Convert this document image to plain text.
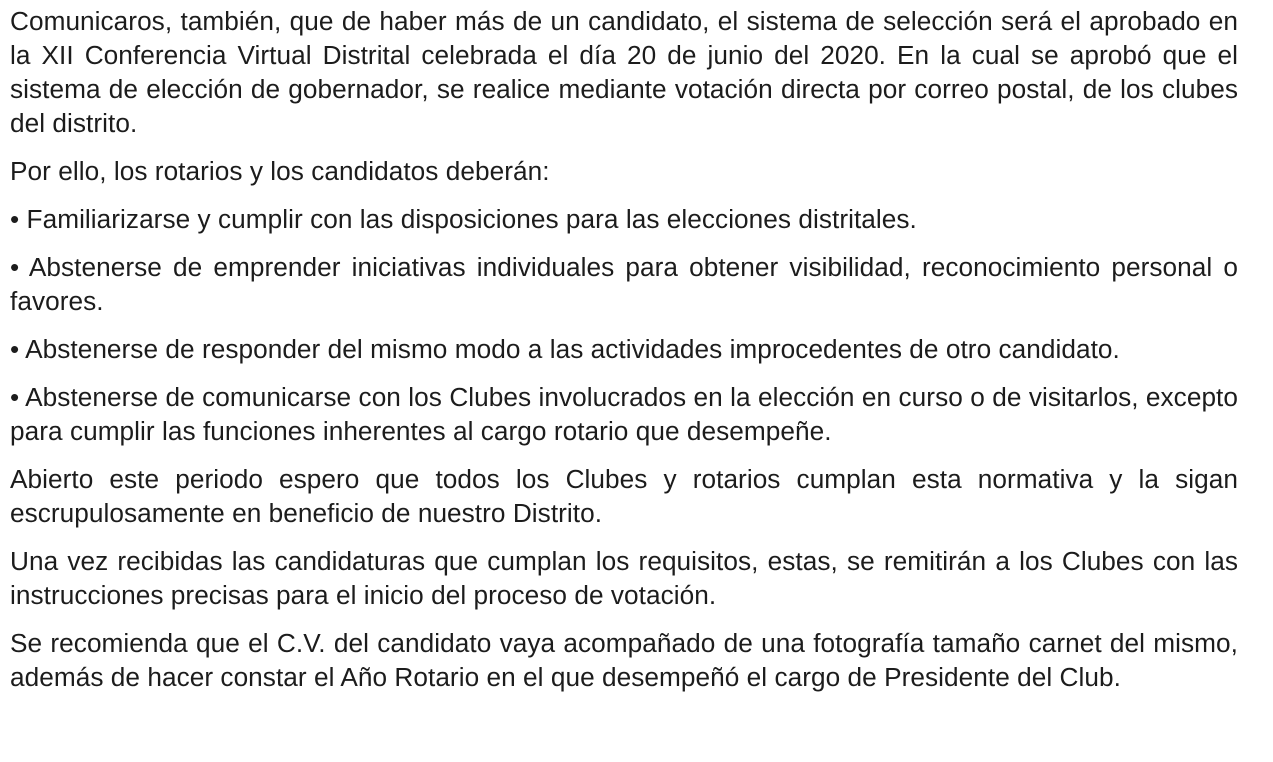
Comunicaros, también, que de haber más de un candidato, el sistema de selección será el aprobado en la XII Conferencia Virtual Distrital celebrada el día 20 de junio del 2020. En la cual se aprobó que el sistema de elección de gobernador, se realice mediante votación directa por correo postal, de los clubes del distrito.

Por ello, los rotarios y los candidatos deberán:

• Familiarizarse y cumplir con las disposiciones para las elecciones distritales.

• Abstenerse de emprender iniciativas individuales para obtener visibilidad, reconocimiento personal o favores.

• Abstenerse de responder del mismo modo a las actividades improcedentes de otro candidato.

• Abstenerse de comunicarse con los Clubes involucrados en la elección en curso o de visitarlos, excepto para cumplir las funciones inherentes al cargo rotario que desempeñe.

Abierto este periodo espero que todos los Clubes y rotarios cumplan esta normativa y la sigan escrupulosamente en beneficio de nuestro Distrito.

Una vez recibidas las candidaturas que cumplan los requisitos, estas, se remitirán a los Clubes con las instrucciones precisas para el inicio del proceso de votación.

Se recomienda que el C.V. del candidato vaya acompañado de una fotografía tamaño carnet del mismo, además de hacer constar el Año Rotario en el que desempeñó el cargo de Presidente del Club.
